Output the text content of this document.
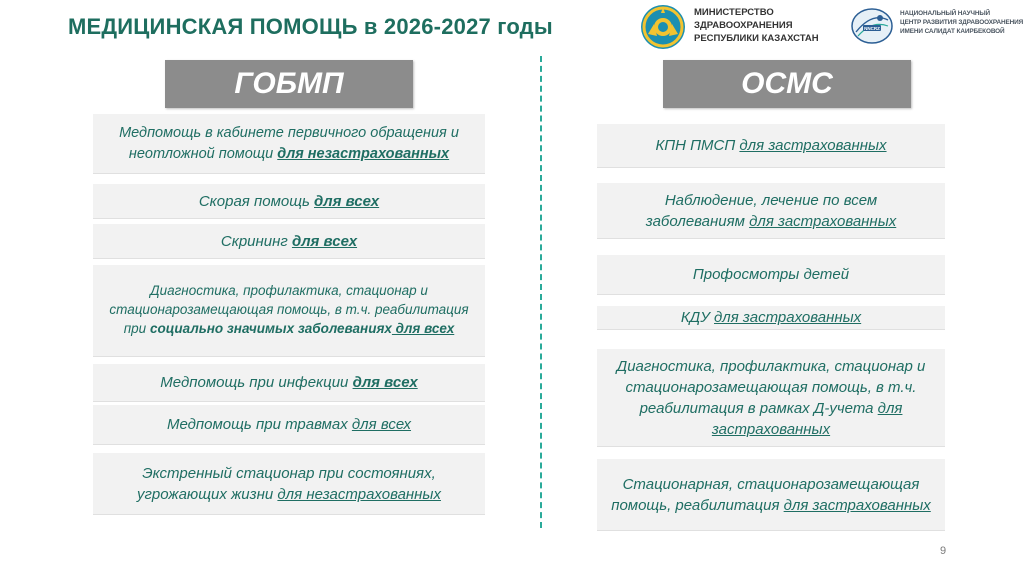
МЕДИЦИНСКАЯ ПОМОЩЬ в 2026-2027 годы
МИНИСТЕРСТВО
ЗДРАВООХРАНЕНИЯ
РЕСПУБЛИКИ КАЗАХСТАН
NNCRZ
НАЦИОНАЛЬНЫЙ НАУЧНЫЙ
ЦЕНТР РАЗВИТИЯ ЗДРАВООХРАНЕНИЯ
ИМЕНИ САЛИДАТ КАИРБЕКОВОЙ
ГОБМП
Медпомощь в кабинете первичного обращения и неотложной помощи для незастрахованных
Скорая помощь для всех
Скрининг для всех
Диагностика, профилактика, стационар и стационарозамещающая помощь, в т.ч. реабилитация при социально значимых заболеваниях для всех
Медпомощь при инфекции для всех
Медпомощь при травмах для всех
Экстренный стационар при состояниях, угрожающих жизни для незастрахованных
ОСМС
КПН ПМСП для застрахованных
Наблюдение, лечение по всем заболеваниям для застрахованных
Профосмотры детей
КДУ для застрахованных
Диагностика, профилактика, стационар и стационарозамещающая помощь, в т.ч. реабилитация в рамках Д-учета для застрахованных
Стационарная, стационарозамещающая помощь, реабилитация для застрахованных
9
